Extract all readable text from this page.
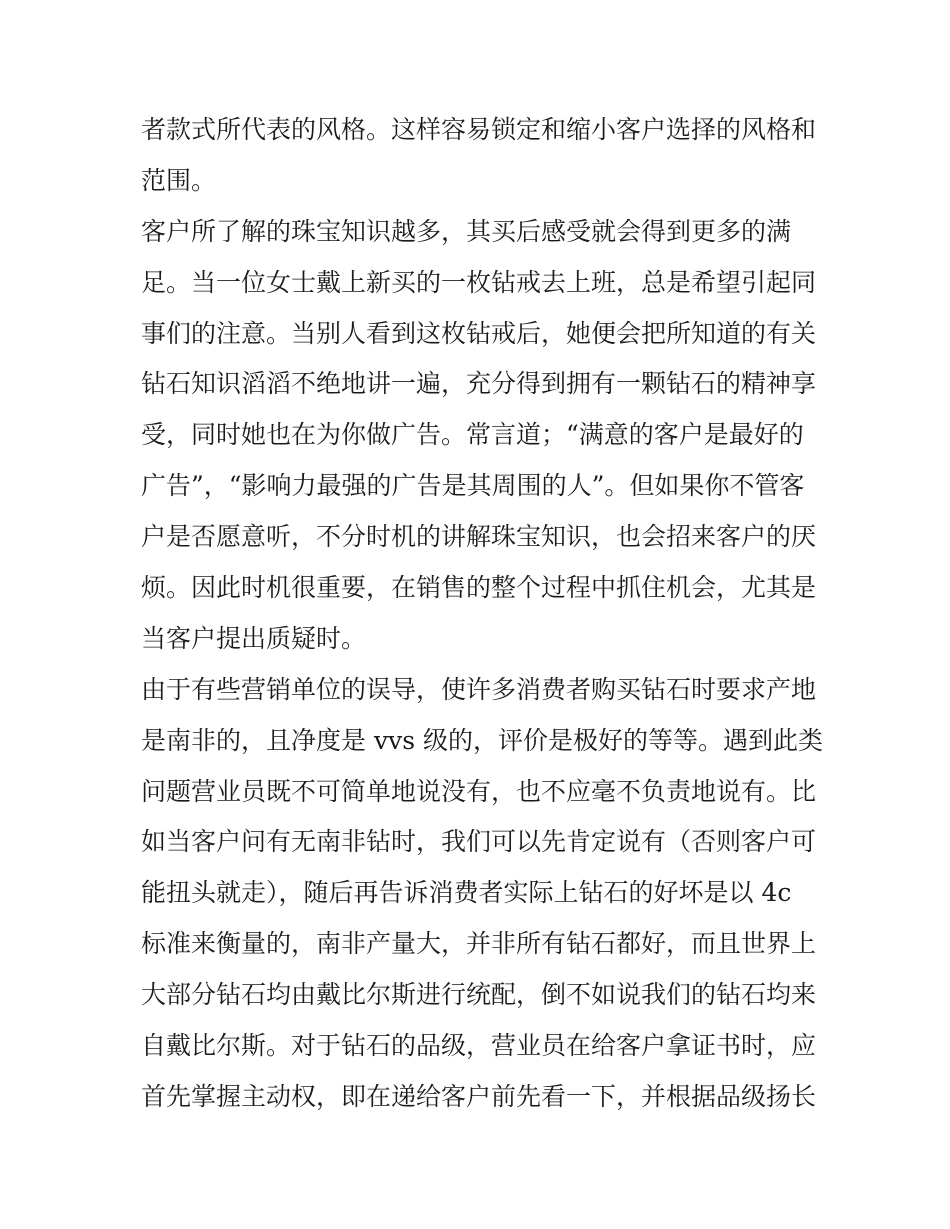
者款式所代表的风格。这样容易锁定和缩小客户选择的风格和
范围。
客户所了解的珠宝知识越多，其买后感受就会得到更多的满
足。当一位女士戴上新买的一枚钻戒去上班，总是希望引起同
事们的注意。当别人看到这枚钻戒后，她便会把所知道的有关
钻石知识滔滔不绝地讲一遍，充分得到拥有一颗钻石的精神享
受，同时她也在为你做广告。常言道；“满意的客户是最好的
广告”，“影响力最强的广告是其周围的人”。但如果你不管客
户是否愿意听，不分时机的讲解珠宝知识，也会招来客户的厌
烦。因此时机很重要，在销售的整个过程中抓住机会，尤其是
当客户提出质疑时。
由于有些营销单位的误导，使许多消费者购买钻石时要求产地
是南非的，且净度是 vvs 级的，评价是极好的等等。遇到此类
问题营业员既不可简单地说没有，也不应毫不负责地说有。比
如当客户问有无南非钻时，我们可以先肯定说有（否则客户可
能扭头就走），随后再告诉消费者实际上钻石的好坏是以 4c
标准来衡量的，南非产量大，并非所有钻石都好，而且世界上
大部分钻石均由戴比尔斯进行统配，倒不如说我们的钻石均来
自戴比尔斯。对于钻石的品级，营业员在给客户拿证书时，应
首先掌握主动权，即在递给客户前先看一下，并根据品级扬长
